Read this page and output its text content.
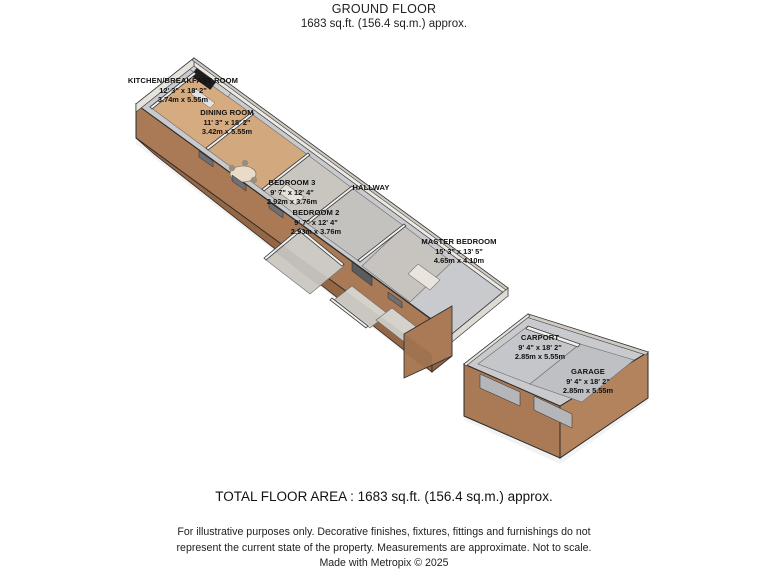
GROUND FLOOR
1683 sq.ft. (156.4 sq.m.) approx.
KITCHEN/BREAKFAST ROOM
12' 3" x 18' 2"
3.74m x 5.55m
DINING ROOM
11' 3" x 18' 2"
3.42m x 5.55m
BEDROOM 3
9' 7" x 12' 4"
2.92m x 3.76m
HALLWAY
BEDROOM 2
9' 7" x 12' 4"
2.93m x 3.76m
MASTER BEDROOM
15' 3" x 13' 5"
4.65m x 4.10m
CARPORT
9' 4" x 18' 2"
2.85m x 5.55m
GARAGE
9' 4" x 18' 2"
2.85m x 5.55m
TOTAL FLOOR AREA : 1683 sq.ft. (156.4 sq.m.) approx.
For illustrative purposes only. Decorative finishes, fixtures, fittings and furnishings do not
represent the current state of the property. Measurements are approximate. Not to scale.
Made with Metropix © 2025
